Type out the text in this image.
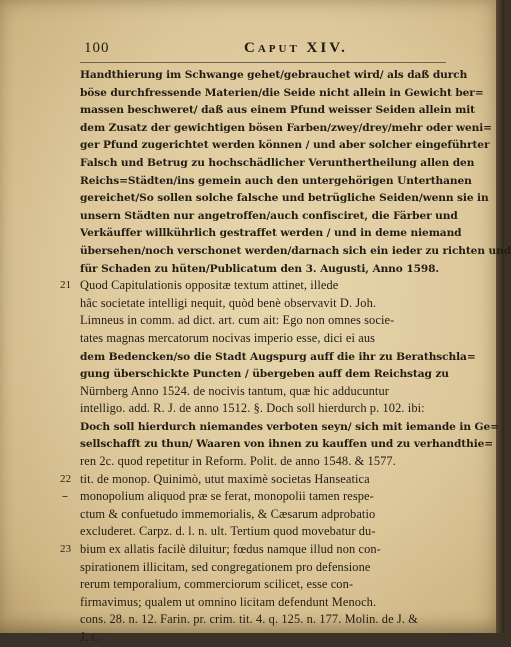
100	Caput XIV.
Handthierung im Schwange gehet/gebrauchet wird/ als daß durch
böse durchfressende Materien/die Seide nicht allein in Gewicht ber=
massen beschweret/ daß aus einem Pfund weisser Seiden allein mit
dem Zusatz der gewichtigen bösen Farben/zwey/drey/mehr oder weni=
ger Pfund zugerichtet werden können / und aber solcher eingeführter
Falsch und Betrug zu hochschädlicher Verunthertheilung allen den
Reichs=Städten/ins gemein auch den untergehörigen Unterthanen
gereichet/So sollen solche falsche und betrügliche Seiden/wenn sie in
unsern Städten nur angetroffen/auch confisciret, die Färber und
Verkäuffer willkührlich gestraffet werden / und in deme niemand
übersehen/noch verschonet werden/darnach sich ein ieder zu richten und
für Schaden zu hüten/Publicatum den 3. Augusti, Anno 1598.
21 Quod Capitulationis oppositæ textum attinet, illede
hâc societate intelligi nequit, quòd benè observavit D. Joh.
Limneus in comm. ad dict. art. cum ait: Ego non omnes socie-
tates magnas mercatorum nocivas imperio esse, dici ei aus
dem Bedencken/so die Stadt Augspurg auff die ihr zu Berathschla=
gung überschickte Puncten / übergeben auff dem Reichstag zu
Nürnberg Anno 1524. de nocivis tantum, quæ hic adducuntur
intelligo. add. R. J. de anno 1512. §. Doch soll hierdurch p. 102. ibi:
Doch soll hierdurch niemandes verboten seyn/ sich mit iemande in Ge=
sellschafft zu thun/ Waaren von ihnen zu kauffen und zu verhandthie=
ren 2c. quod repetitur in Reform. Polit. de anno 1548. & 1577.
22 tit. de monop. Quinimò, utut maximè societas Hanseatica
– monopolium aliquod præ se ferat, monopolii tamen respe-
ctum & confuetudo immemorialis, & Cæsarum adprobatio
excluderet. Carpz. d. l. n. ult. Tertium quod movebatur du-
23 bium ex allatis facilè diluitur; fœdus namque illud non con-
spirationem illicitam, sed congregationem pro defensione
rerum temporalium, commerciorum scilicet, esse con-
firmavimus; qualem ut omnino licitam defendunt Menoch.
cons. 28. n. 12. Farin. pr. crim. tit. 4. q. 125. n. 177. Molin. de J. &
J. t.
